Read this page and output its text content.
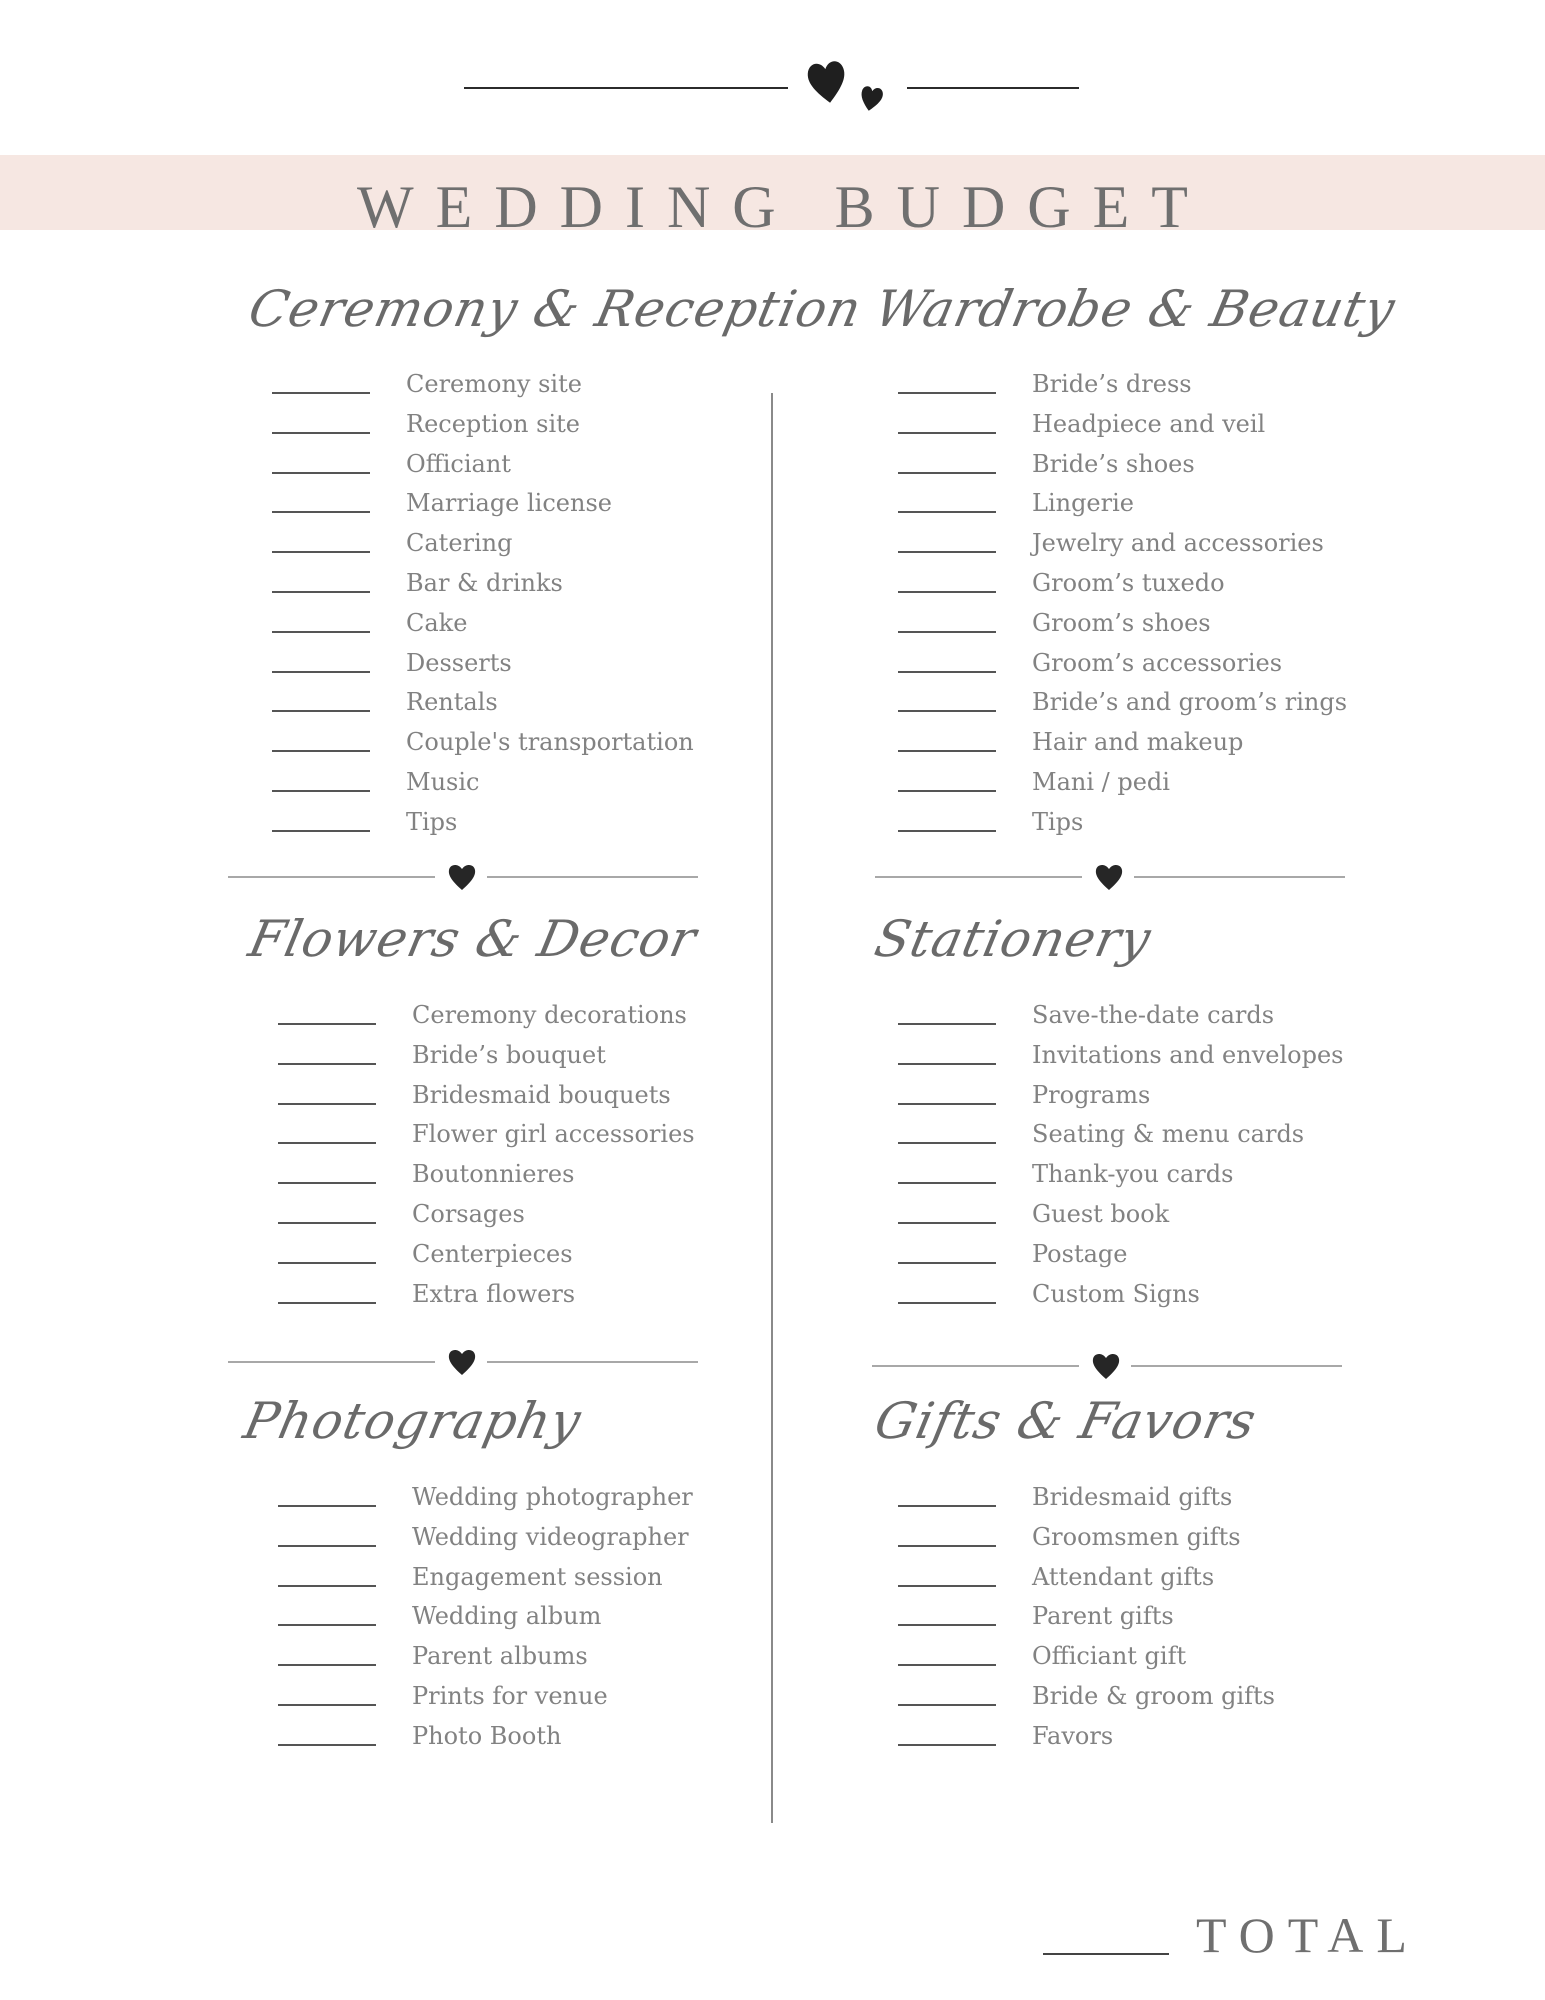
WEDDING BUDGET
Ceremony & Reception
Ceremony site
Reception site
Officiant
Marriage license
Catering
Bar & drinks
Cake
Desserts
Rentals
Couple's transportation
Music
Tips
Wardrobe & Beauty
Bride’s dress
Headpiece and veil
Bride’s shoes
Lingerie
Jewelry and accessories
Groom’s tuxedo
Groom’s shoes
Groom’s accessories
Bride’s and groom’s rings
Hair and makeup
Mani / pedi
Tips
Flowers & Decor
Ceremony decorations
Bride’s bouquet
Bridesmaid bouquets
Flower girl accessories
Boutonnieres
Corsages
Centerpieces
Extra flowers
Stationery
Save-the-date cards
Invitations and envelopes
Programs
Seating & menu cards
Thank-you cards
Guest book
Postage
Custom Signs
Photography
Wedding photographer
Wedding videographer
Engagement session
Wedding album
Parent albums
Prints for venue
Photo Booth
Gifts & Favors
Bridesmaid gifts
Groomsmen gifts
Attendant gifts
Parent gifts
Officiant gift
Bride & groom gifts
Favors
TOTAL
